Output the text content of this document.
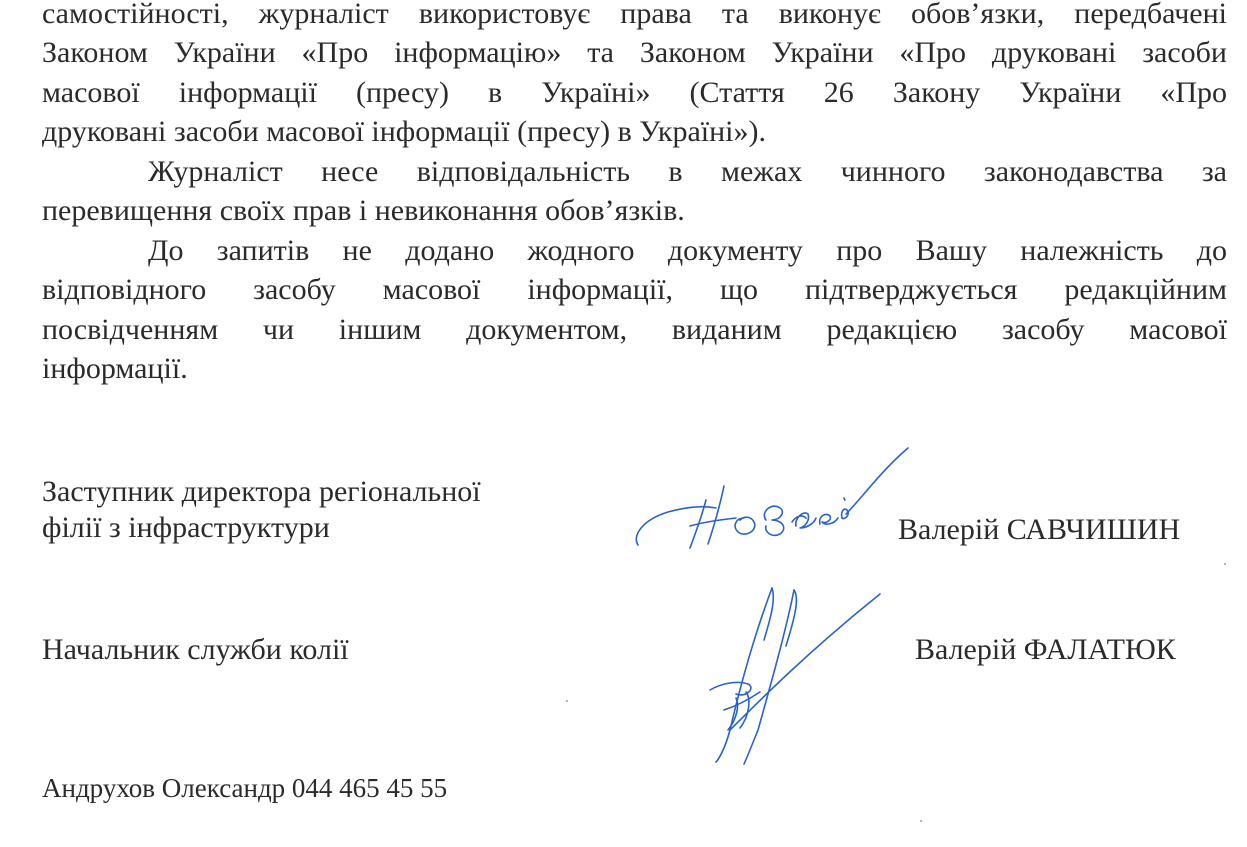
самостійності, журналіст використовує права та виконує обов’язки, передбачені
Законом України «Про інформацію» та Законом України «Про друковані засоби
масової інформації (пресу) в Україні» (Стаття 26 Закону України «Про
друковані засоби масової інформації (пресу) в Україні»).
Журналіст несе відповідальність в межах чинного законодавства за
перевищення своїх прав і невиконання обов’язків.
До запитів не додано жодного документу про Вашу належність до
відповідного засобу масової інформації, що підтверджується редакційним
посвідченням чи іншим документом, виданим редакцією засобу масової
інформації.
Заступник директора регіональної
філії з інфраструктури	Валерій САВЧИШИН
Начальник служби колії	Валерій ФАЛАТЮК
Андрухов Олександр 044 465 45 55
